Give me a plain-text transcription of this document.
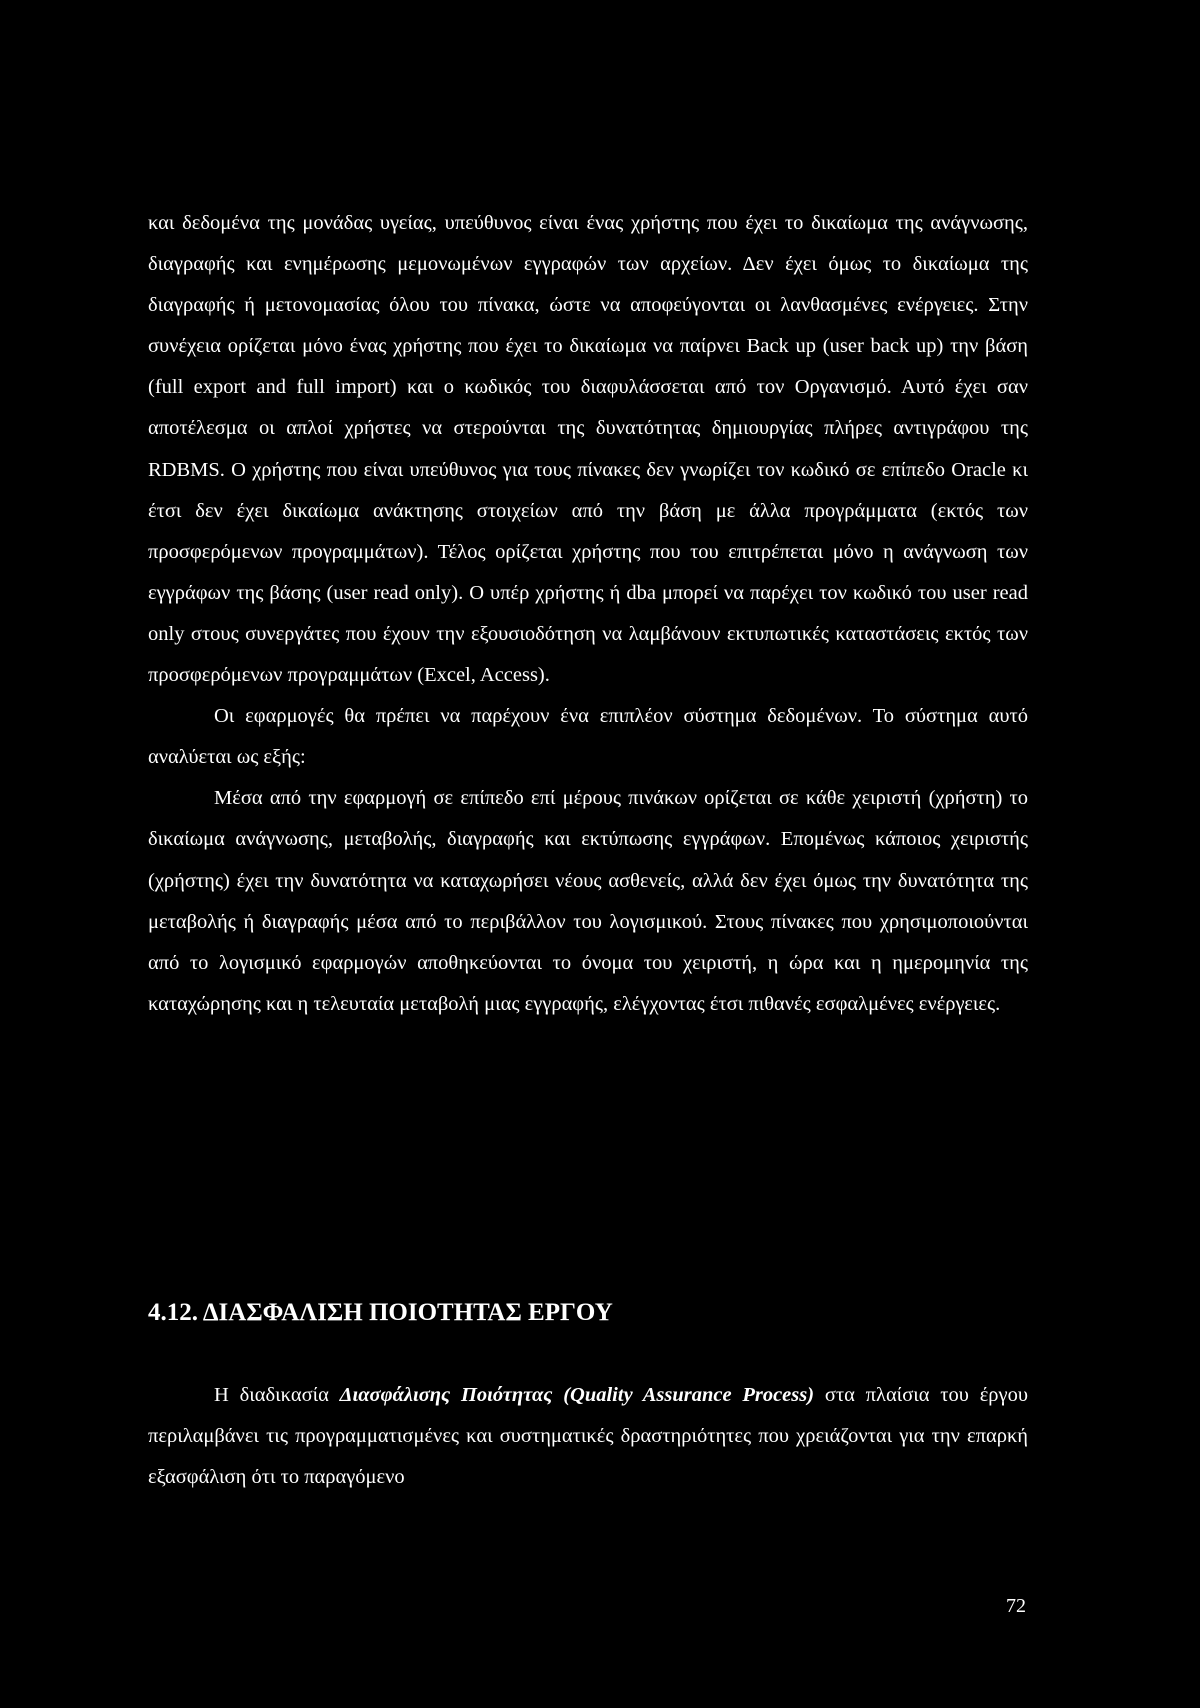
και δεδομένα της μονάδας υγείας, υπεύθυνος είναι ένας χρήστης που έχει το δικαίωμα της ανάγνωσης, διαγραφής και ενημέρωσης μεμονωμένων εγγραφών των αρχείων. Δεν έχει όμως το δικαίωμα της διαγραφής ή μετονομασίας όλου του πίνακα, ώστε να αποφεύγονται οι λανθασμένες ενέργειες. Στην συνέχεια ορίζεται μόνο ένας χρήστης που έχει το δικαίωμα να παίρνει Back up (user back up) την βάση (full export and full import) και ο κωδικός του διαφυλάσσεται από τον Οργανισμό. Αυτό έχει σαν αποτέλεσμα οι απλοί χρήστες να στερούνται της δυνατότητας δημιουργίας πλήρες αντιγράφου της RDBMS. Ο χρήστης που είναι υπεύθυνος για τους πίνακες δεν γνωρίζει τον κωδικό σε επίπεδο Oracle κι έτσι δεν έχει δικαίωμα ανάκτησης στοιχείων από την βάση με άλλα προγράμματα (εκτός των προσφερόμενων προγραμμάτων). Τέλος ορίζεται χρήστης που του επιτρέπεται μόνο η ανάγνωση των εγγράφων της βάσης (user read only). Ο υπέρ χρήστης ή dba μπορεί να παρέχει τον κωδικό του user read only στους συνεργάτες που έχουν την εξουσιοδότηση να λαμβάνουν εκτυπωτικές καταστάσεις εκτός των προσφερόμενων προγραμμάτων (Excel, Access).

Οι εφαρμογές θα πρέπει να παρέχουν ένα επιπλέον σύστημα δεδομένων. Το σύστημα αυτό αναλύεται ως εξής:

Μέσα από την εφαρμογή σε επίπεδο επί μέρους πινάκων ορίζεται σε κάθε χειριστή (χρήστη) το δικαίωμα ανάγνωσης, μεταβολής, διαγραφής και εκτύπωσης εγγράφων. Επομένως κάποιος χειριστής (χρήστης) έχει την δυνατότητα να καταχωρήσει νέους ασθενείς, αλλά δεν έχει όμως την δυνατότητα της μεταβολής ή διαγραφής μέσα από το περιβάλλον του λογισμικού. Στους πίνακες που χρησιμοποιούνται από το λογισμικό εφαρμογών αποθηκεύονται το όνομα του χειριστή, η ώρα και η ημερομηνία της καταχώρησης και η τελευταία μεταβολή μιας εγγραφής, ελέγχοντας έτσι πιθανές εσφαλμένες ενέργειες.

4.12. ΔΙΑΣΦΑΛΙΣΗ ΠΟΙΟΤΗΤΑΣ ΕΡΓΟΥ

Η διαδικασία Διασφάλισης Ποιότητας (Quality Assurance Process) στα πλαίσια του έργου περιλαμβάνει τις προγραμματισμένες και συστηματικές δραστηριότητες που χρειάζονται για την επαρκή εξασφάλιση ότι το παραγόμενο

72
